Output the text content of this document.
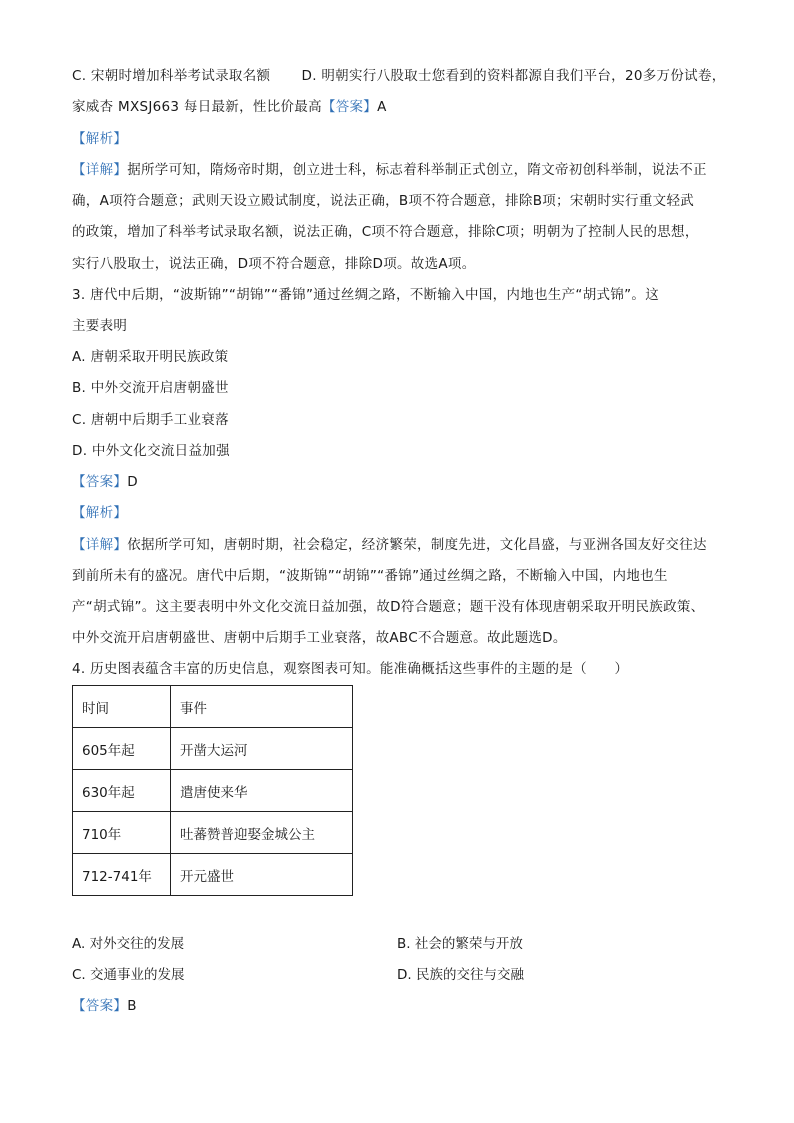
C. 宋朝时增加科举考试录取名额 D. 明朝实行八股取士您看到的资料都源自我们平台，20多万份试卷，
家威杏 MXSJ663 每日最新，性比价最高【答案】A
【解析】
【详解】据所学可知，隋炀帝时期，创立进士科，标志着科举制正式创立，隋文帝初创科举制，说法不正
确，A项符合题意；武则天设立殿试制度，说法正确，B项不符合题意，排除B项；宋朝时实行重文轻武
的政策，增加了科举考试录取名额，说法正确，C项不符合题意，排除C项；明朝为了控制人民的思想，
实行八股取士，说法正确，D项不符合题意，排除D项。故选A项。
3. 唐代中后期，“波斯锦”“胡锦”“番锦”通过丝绸之路，不断输入中国，内地也生产“胡式锦”。这
主要表明
A. 唐朝采取开明民族政策
B. 中外交流开启唐朝盛世
C. 唐朝中后期手工业衰落
D. 中外文化交流日益加强
【答案】D
【解析】
【详解】依据所学可知，唐朝时期，社会稳定，经济繁荣，制度先进，文化昌盛，与亚洲各国友好交往达
到前所未有的盛况。唐代中后期，“波斯锦”“胡锦”“番锦”通过丝绸之路，不断输入中国，内地也生
产“胡式锦”。这主要表明中外文化交流日益加强，故D符合题意；题干没有体现唐朝采取开明民族政策、
中外交流开启唐朝盛世、唐朝中后期手工业衰落，故ABC不合题意。故此题选D。
4. 历史图表蕴含丰富的历史信息，观察图表可知。能准确概括这些事件的主题的是（　　）
时间	事件
605年起	开凿大运河
630年起	遣唐使来华
710年	吐蕃赞普迎娶金城公主
712-741年	开元盛世
A. 对外交往的发展	B. 社会的繁荣与开放
C. 交通事业的发展	D. 民族的交往与交融
【答案】B
